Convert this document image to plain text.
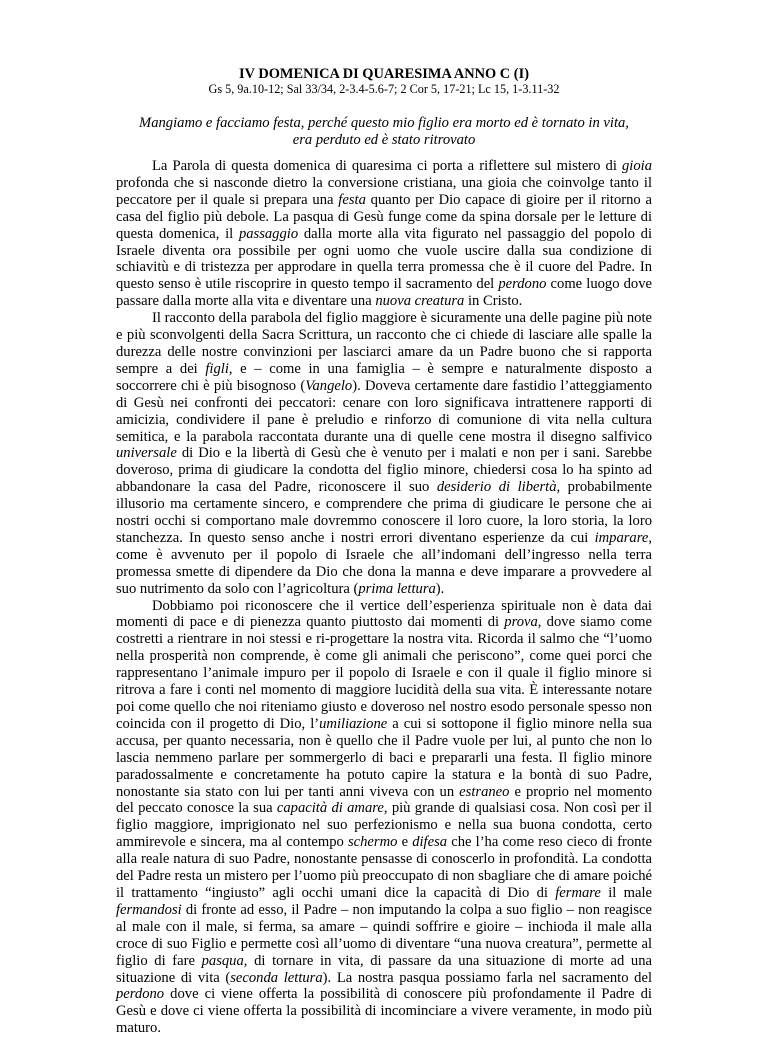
IV DOMENICA DI QUARESIMA ANNO C (I)
Gs 5, 9a.10-12; Sal 33/34, 2-3.4-5.6-7; 2 Cor 5, 17-21; Lc 15, 1-3.11-32
Mangiamo e facciamo festa, perché questo mio figlio era morto ed è tornato in vita,
era perduto ed è stato ritrovato

La Parola di questa domenica di quaresima ci porta a riflettere sul mistero di gioia profonda che si nasconde dietro la conversione cristiana, una gioia che coinvolge tanto il peccatore per il quale si prepara una festa quanto per Dio capace di gioire per il ritorno a casa del figlio più debole. La pasqua di Gesù funge come da spina dorsale per le letture di questa domenica, il passaggio dalla morte alla vita figurato nel passaggio del popolo di Israele diventa ora possibile per ogni uomo che vuole uscire dalla sua condizione di schiavitù e di tristezza per approdare in quella terra promessa che è il cuore del Padre. In questo senso è utile riscoprire in questo tempo il sacramento del perdono come luogo dove passare dalla morte alla vita e diventare una nuova creatura in Cristo.

Il racconto della parabola del figlio maggiore è sicuramente una delle pagine più note e più sconvolgenti della Sacra Scrittura, un racconto che ci chiede di lasciare alle spalle la durezza delle nostre convinzioni per lasciarci amare da un Padre buono che si rapporta sempre a dei figli, e – come in una famiglia – è sempre e naturalmente disposto a soccorrere chi è più bisognoso (Vangelo). Doveva certamente dare fastidio l’atteggiamento di Gesù nei confronti dei peccatori: cenare con loro significava intrattenere rapporti di amicizia, condividere il pane è preludio e rinforzo di comunione di vita nella cultura semitica, e la parabola raccontata durante una di quelle cene mostra il disegno salfivico universale di Dio e la libertà di Gesù che è venuto per i malati e non per i sani. Sarebbe doveroso, prima di giudicare la condotta del figlio minore, chiedersi cosa lo ha spinto ad abbandonare la casa del Padre, riconoscere il suo desiderio di libertà, probabilmente illusorio ma certamente sincero, e comprendere che prima di giudicare le persone che ai nostri occhi si comportano male dovremmo conoscere il loro cuore, la loro storia, la loro stanchezza. In questo senso anche i nostri errori diventano esperienze da cui imparare, come è avvenuto per il popolo di Israele che all’indomani dell’ingresso nella terra promessa smette di dipendere da Dio che dona la manna e deve imparare a provvedere al suo nutrimento da solo con l’agricoltura (prima lettura).

Dobbiamo poi riconoscere che il vertice dell’esperienza spirituale non è data dai momenti di pace e di pienezza quanto piuttosto dai momenti di prova, dove siamo come costretti a rientrare in noi stessi e ri-progettare la nostra vita. Ricorda il salmo che “l’uomo nella prosperità non comprende, è come gli animali che periscono”, come quei porci che rappresentano l’animale impuro per il popolo di Israele e con il quale il figlio minore si ritrova a fare i conti nel momento di maggiore lucidità della sua vita. È interessante notare poi come quello che noi riteniamo giusto e doveroso nel nostro esodo personale spesso non coincida con il progetto di Dio, l’umiliazione a cui si sottopone il figlio minore nella sua accusa, per quanto necessaria, non è quello che il Padre vuole per lui, al punto che non lo lascia nemmeno parlare per sommergerlo di baci e prepararli una festa. Il figlio minore paradossalmente e concretamente ha potuto capire la statura e la bontà di suo Padre, nonostante sia stato con lui per tanti anni viveva con un estraneo e proprio nel momento del peccato conosce la sua capacità di amare, più grande di qualsiasi cosa. Non così per il figlio maggiore, imprigionato nel suo perfezionismo e nella sua buona condotta, certo ammirevole e sincera, ma al contempo schermo e difesa che l’ha come reso cieco di fronte alla reale natura di suo Padre, nonostante pensasse di conoscerlo in profondità. La condotta del Padre resta un mistero per l’uomo più preoccupato di non sbagliare che di amare poiché il trattamento “ingiusto” agli occhi umani dice la capacità di Dio di fermare il male fermandosi di fronte ad esso, il Padre – non imputando la colpa a suo figlio – non reagisce al male con il male, si ferma, sa amare – quindi soffrire e gioire – inchioda il male alla croce di suo Figlio e permette così all’uomo di diventare “una nuova creatura”, permette al figlio di fare pasqua, di tornare in vita, di passare da una situazione di morte ad una situazione di vita (seconda lettura). La nostra pasqua possiamo farla nel sacramento del perdono dove ci viene offerta la possibilità di conoscere più profondamente il Padre di Gesù e dove ci viene offerta la possibilità di incominciare a vivere veramente, in modo più maturo.
